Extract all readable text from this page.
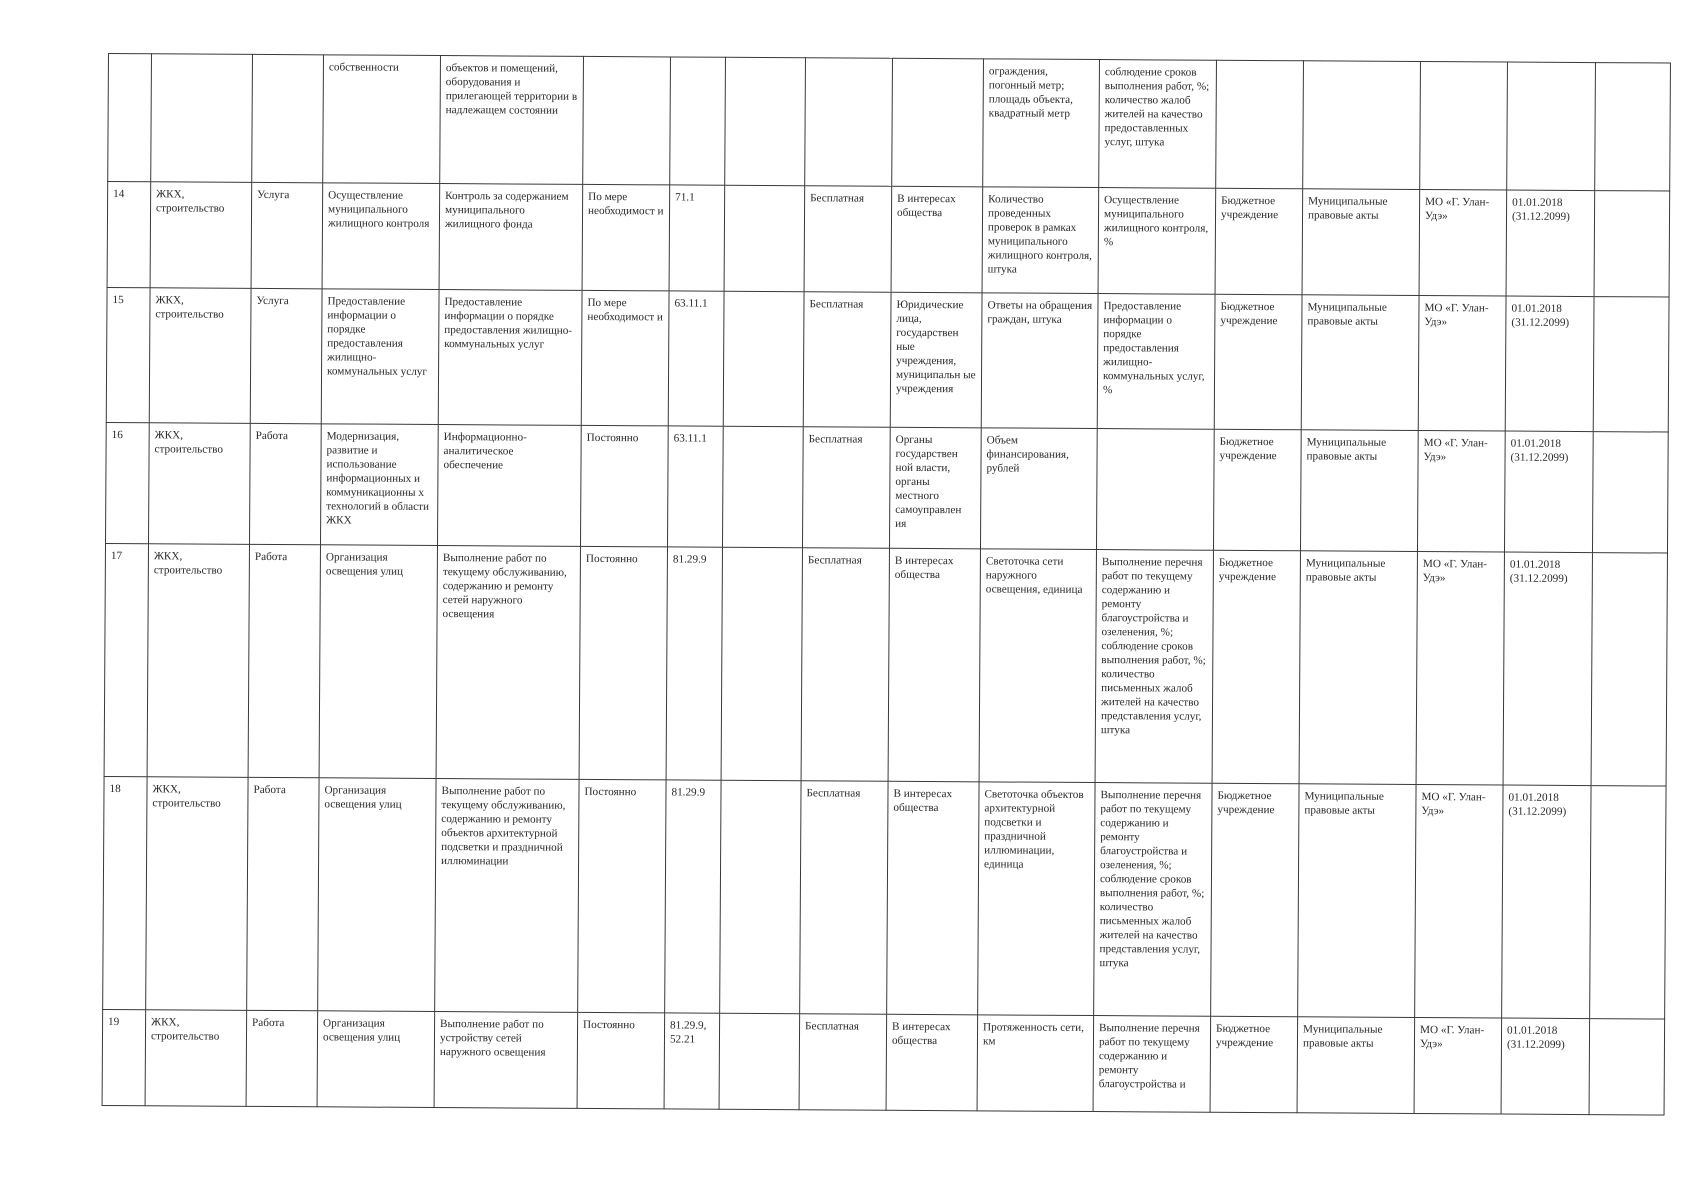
			собственности	объектов и помещений, оборудования и прилегающей территории в надлежащем состоянии						ограждения, погонный метр; площадь объекта, квадратный метр	соблюдение сроков выполнения работ, %; количество жалоб жителей на качество предоставленных услуг, штука					
14	ЖКХ, строительство	Услуга	Осуществление муниципального жилищного контроля	Контроль за содержанием муниципального жилищного фонда	По мере необходимост и	71.1		Бесплатная	В интересах общества	Количество проведенных проверок в рамках муниципального жилищного контроля, штука	Осуществление муниципального жилищного контроля, %	Бюджетное учреждение	Муниципальные правовые акты	МО «Г. Улан-Удэ»	01.01.2018 (31.12.2099)	
15	ЖКХ, строительство	Услуга	Предоставление информации о порядке предоставления жилищно-коммунальных услуг	Предоставление информации о порядке предоставления жилищно-коммунальных услуг	По мере необходимост и	63.11.1		Бесплатная	Юридические лица, государствен ные учреждения, муниципальн ые учреждения	Ответы на обращения граждан, штука	Предоставление информации о порядке предоставления жилищно-коммунальных услуг, %	Бюджетное учреждение	Муниципальные правовые акты	МО «Г. Улан-Удэ»	01.01.2018 (31.12.2099)	
16	ЖКХ, строительство	Работа	Модернизация, развитие и использование информационных и коммуникационны х технологий в области ЖКХ	Информационно-аналитическое обеспечение	Постоянно	63.11.1		Бесплатная	Органы государствен ной власти, органы местного самоуправлен ия	Объем финансирования, рублей		Бюджетное учреждение	Муниципальные правовые акты	МО «Г. Улан-Удэ»	01.01.2018 (31.12.2099)	
17	ЖКХ, строительство	Работа	Организация освещения улиц	Выполнение работ по текущему обслуживанию, содержанию и ремонту сетей наружного освещения	Постоянно	81.29.9		Бесплатная	В интересах общества	Светоточка сети наружного освещения, единица	Выполнение перечня работ по текущему содержанию и ремонту благоустройства и озеленения, %; соблюдение сроков выполнения работ, %; количество письменных жалоб жителей на качество представления услуг, штука	Бюджетное учреждение	Муниципальные правовые акты	МО «Г. Улан-Удэ»	01.01.2018 (31.12.2099)	
18	ЖКХ, строительство	Работа	Организация освещения улиц	Выполнение работ по текущему обслуживанию, содержанию и ремонту объектов архитектурной подсветки и праздничной иллюминации	Постоянно	81.29.9		Бесплатная	В интересах общества	Светоточка объектов архитектурной подсветки и праздничной иллюминации, единица	Выполнение перечня работ по текущему содержанию и ремонту благоустройства и озеленения, %; соблюдение сроков выполнения работ, %; количество письменных жалоб жителей на качество представления услуг, штука	Бюджетное учреждение	Муниципальные правовые акты	МО «Г. Улан-Удэ»	01.01.2018 (31.12.2099)	
19	ЖКХ, строительство	Работа	Организация освещения улиц	Выполнение работ по устройству сетей наружного освещения	Постоянно	81.29.9, 52.21		Бесплатная	В интересах общества	Протяженность сети, км	Выполнение перечня работ по текущему содержанию и ремонту благоустройства и	Бюджетное учреждение	Муниципальные правовые акты	МО «Г. Улан-Удэ»	01.01.2018 (31.12.2099)	
